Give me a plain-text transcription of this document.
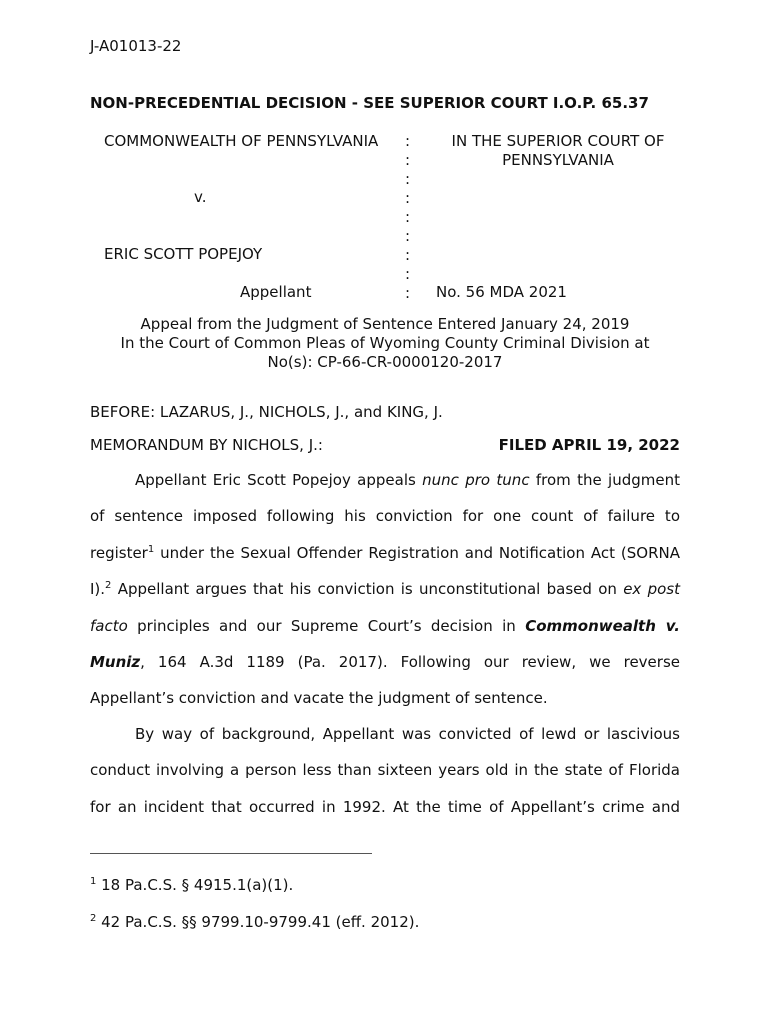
J-A01013-22
NON-PRECEDENTIAL DECISION - SEE SUPERIOR COURT I.O.P. 65.37
COMMONWEALTH OF PENNSYLVANIA
v.
ERIC SCOTT POPEJOY
Appellant
:
:
:
:
:
:
:
:
:
IN THE SUPERIOR COURT OF
PENNSYLVANIA
No. 56 MDA 2021
Appeal from the Judgment of Sentence Entered January 24, 2019
In the Court of Common Pleas of Wyoming County Criminal Division at
No(s): CP-66-CR-0000120-2017
BEFORE: LAZARUS, J., NICHOLS, J., and KING, J.
MEMORANDUM BY NICHOLS, J.:	FILED APRIL 19, 2022
Appellant Eric Scott Popejoy appeals nunc pro tunc from the judgment
of sentence imposed following his conviction for one count of failure to
register$^1$ under the Sexual Offender Registration and Notification Act (SORNA
I).$^2$ Appellant argues that his conviction is unconstitutional based on ex post
facto principles and our Supreme Court’s decision in Commonwealth v.
Muniz, 164 A.3d 1189 (Pa. 2017). Following our review, we reverse
Appellant’s conviction and vacate the judgment of sentence.
By way of background, Appellant was convicted of lewd or lascivious
conduct involving a person less than sixteen years old in the state of Florida
for an incident that occurred in 1992. At the time of Appellant’s crime and
$^1$ 18 Pa.C.S. § 4915.1(a)(1).
$^2$ 42 Pa.C.S. §§ 9799.10-9799.41 (eff. 2012).
